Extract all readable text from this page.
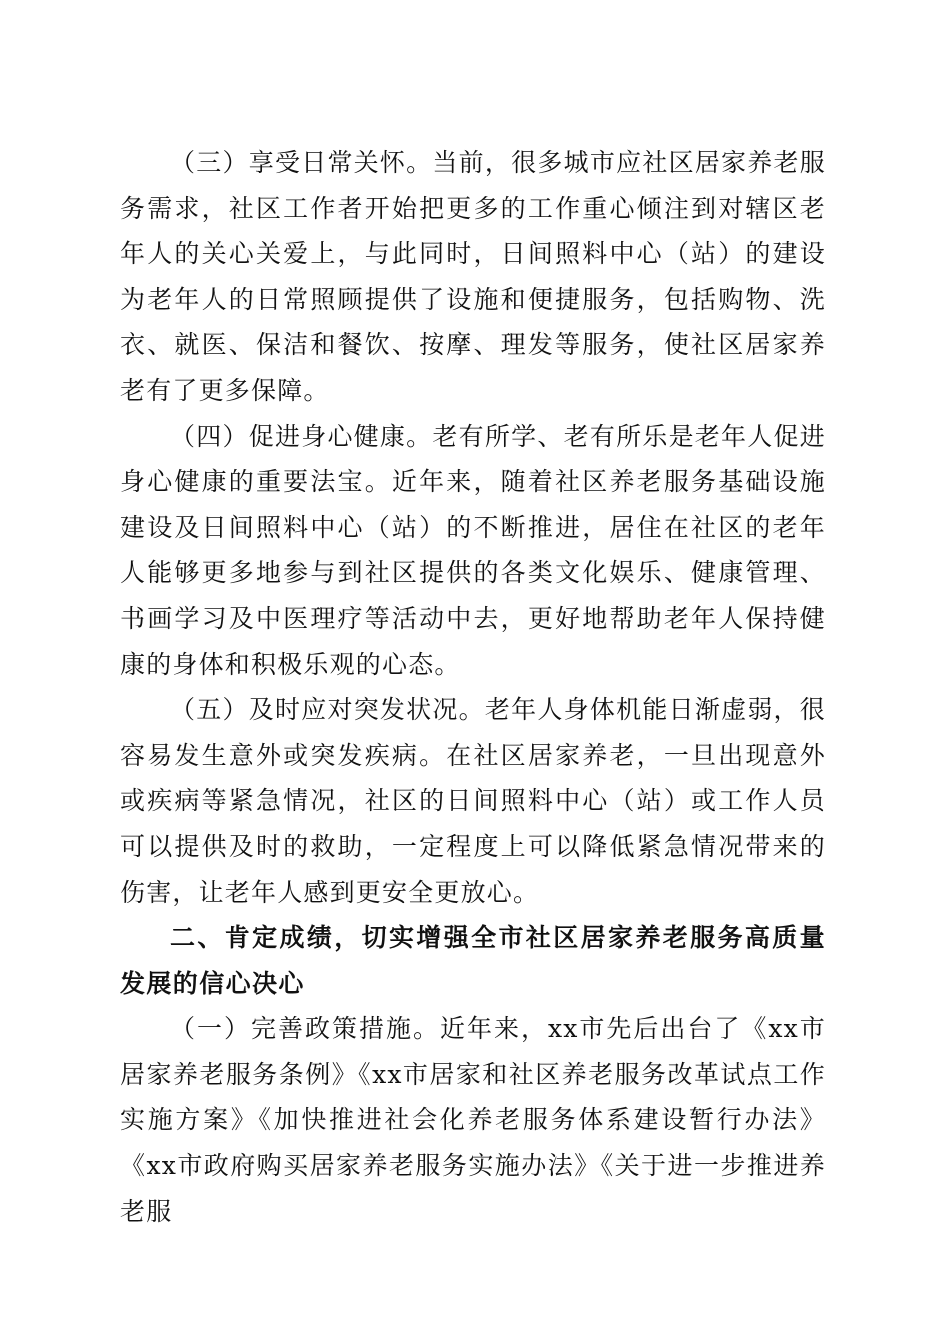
（三）享受日常关怀。当前，很多城市应社区居家养老服务需求，社区工作者开始把更多的工作重心倾注到对辖区老年人的关心关爱上，与此同时，日间照料中心（站）的建设为老年人的日常照顾提供了设施和便捷服务，包括购物、洗衣、就医、保洁和餐饮、按摩、理发等服务，使社区居家养老有了更多保障。

（四）促进身心健康。老有所学、老有所乐是老年人促进身心健康的重要法宝。近年来，随着社区养老服务基础设施建设及日间照料中心（站）的不断推进，居住在社区的老年人能够更多地参与到社区提供的各类文化娱乐、健康管理、书画学习及中医理疗等活动中去，更好地帮助老年人保持健康的身体和积极乐观的心态。

（五）及时应对突发状况。老年人身体机能日渐虚弱，很容易发生意外或突发疾病。在社区居家养老，一旦出现意外或疾病等紧急情况，社区的日间照料中心（站）或工作人员可以提供及时的救助，一定程度上可以降低紧急情况带来的伤害，让老年人感到更安全更放心。

二、肯定成绩，切实增强全市社区居家养老服务高质量发展的信心决心

（一）完善政策措施。近年来，xx市先后出台了《xx市居家养老服务条例》《xx市居家和社区养老服务改革试点工作实施方案》《加快推进社会化养老服务体系建设暂行办法》《xx市政府购买居家养老服务实施办法》《关于进一步推进养老服
